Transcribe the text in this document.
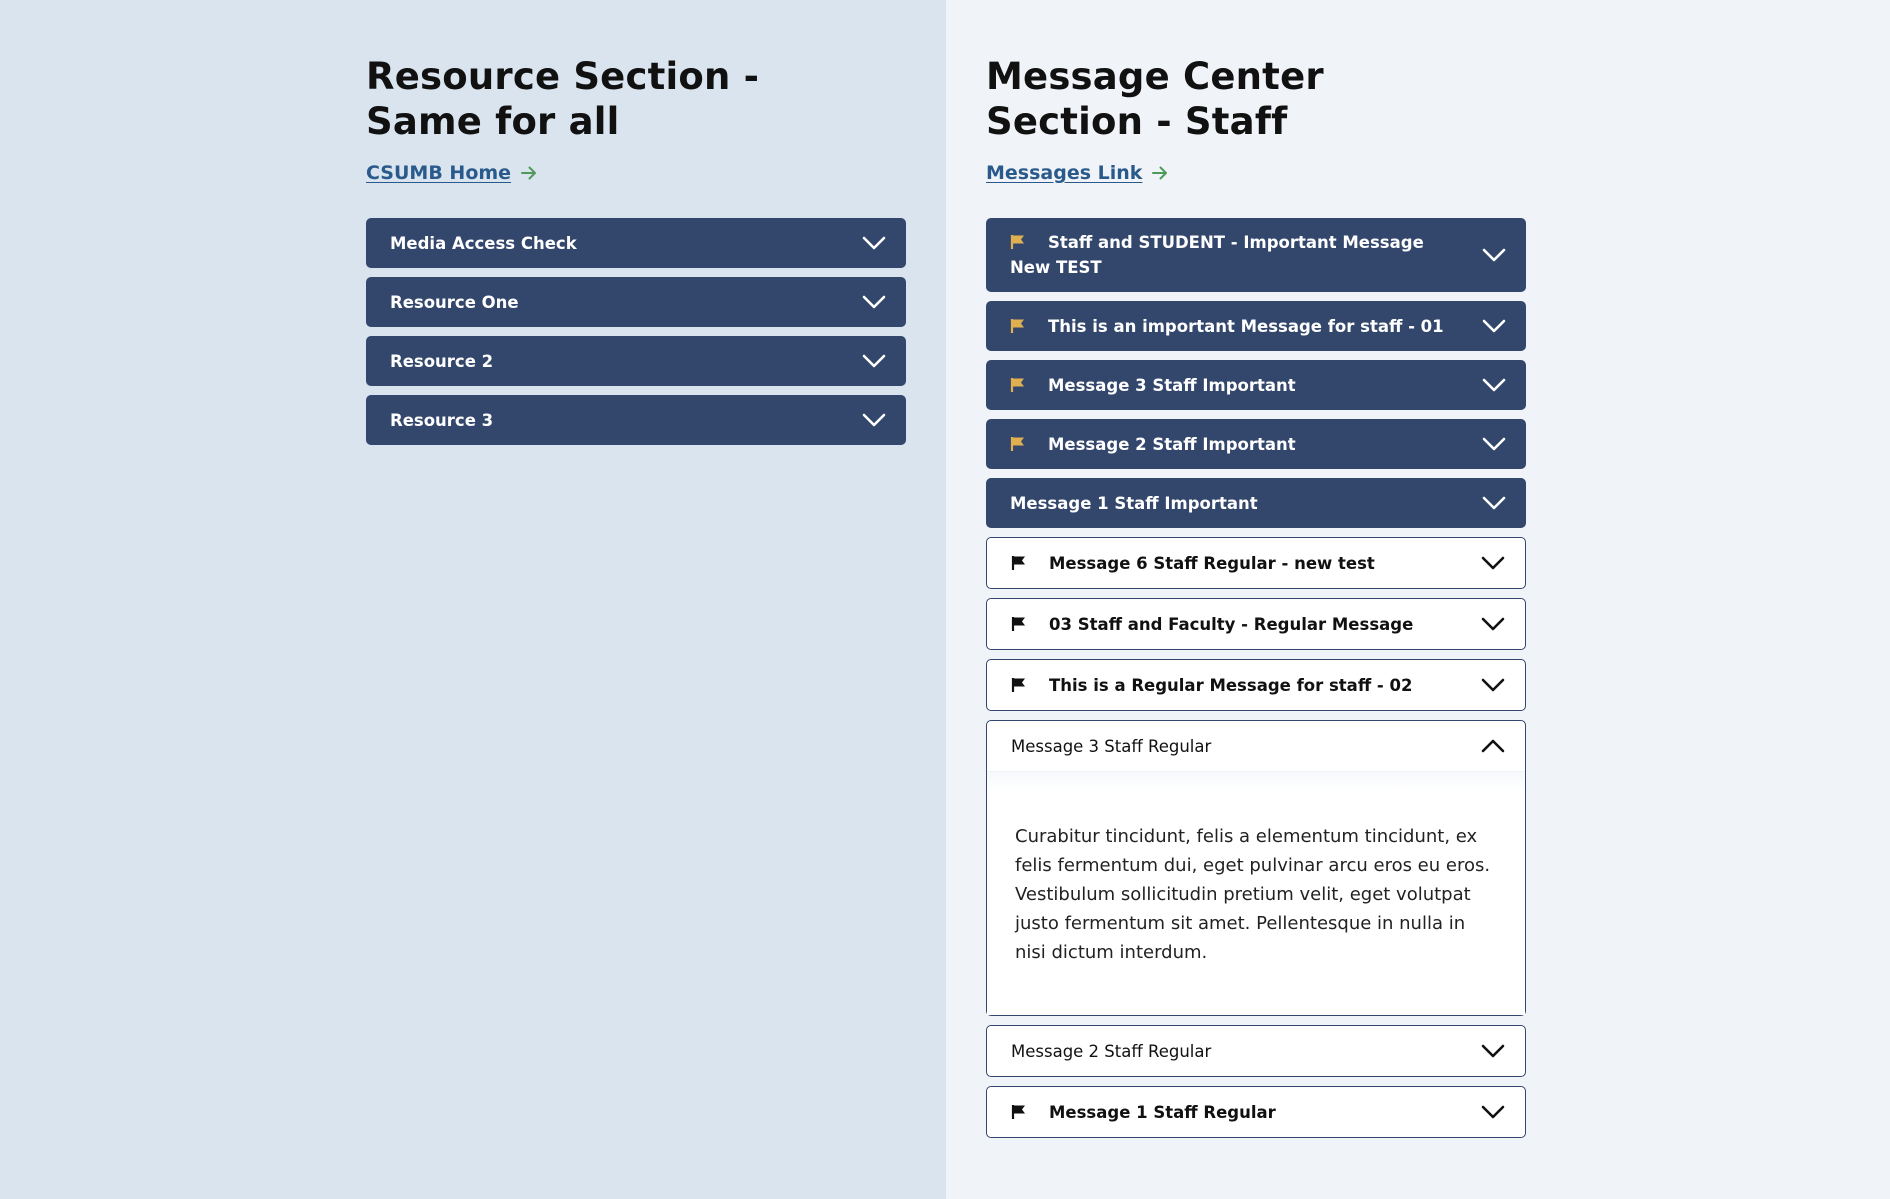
Resource Section -
Same for all
CSUMB Home
Media Access Check
Resource One
Resource 2
Resource 3
Message Center
Section - Staff
Messages Link
Staff and STUDENT - Important Message New TEST
This is an important Message for staff - 01
Message 3 Staff Important
Message 2 Staff Important
Message 1 Staff Important
Message 6 Staff Regular - new test
03 Staff and Faculty - Regular Message
This is a Regular Message for staff - 02
Message 3 Staff Regular
Curabitur tincidunt, felis a elementum tincidunt, ex felis fermentum dui, eget pulvinar arcu eros eu eros. Vestibulum sollicitudin pretium velit, eget volutpat justo fermentum sit amet. Pellentesque in nulla in nisi dictum interdum.
Message 2 Staff Regular
Message 1 Staff Regular
